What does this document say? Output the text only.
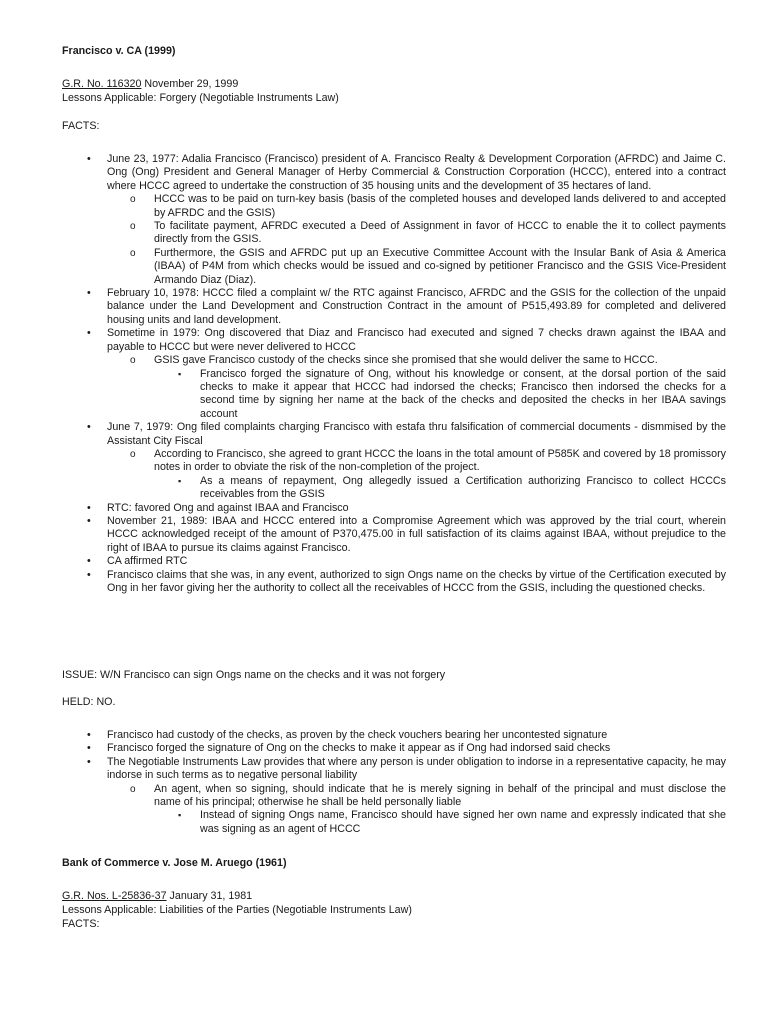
Francisco v. CA (1999)

G.R. No. 116320 November 29, 1999

Lessons Applicable: Forgery (Negotiable Instruments Law)

FACTS:

• June 23, 1977: Adalia Francisco (Francisco) president of A. Francisco Realty & Development Corporation (AFRDC) and Jaime C. Ong (Ong) President and General Manager of Herby Commercial & Construction Corporation (HCCC), entered into a contract where HCCC agreed to undertake the construction of 35 housing units and the development of 35 hectares of land.
o HCCC was to be paid on turn-key basis (basis of the completed houses and developed lands delivered to and accepted by AFRDC and the GSIS)
o To facilitate payment, AFRDC executed a Deed of Assignment in favor of HCCC to enable the it to collect payments directly from the GSIS.
o Furthermore, the GSIS and AFRDC put up an Executive Committee Account with the Insular Bank of Asia & America (IBAA) of P4M from which checks would be issued and co-signed by petitioner Francisco and the GSIS Vice-President Armando Diaz (Diaz).
• February 10, 1978: HCCC filed a complaint w/ the RTC against Francisco, AFRDC and the GSIS for the collection of the unpaid balance under the Land Development and Construction Contract in the amount of P515,493.89 for completed and delivered housing units and land development.
• Sometime in 1979: Ong discovered that Diaz and Francisco had executed and signed 7 checks drawn against the IBAA and payable to HCCC but were never delivered to HCCC
o GSIS gave Francisco custody of the checks since she promised that she would deliver the same to HCCC.
▪ Francisco forged the signature of Ong, without his knowledge or consent, at the dorsal portion of the said checks to make it appear that HCCC had indorsed the checks; Francisco then indorsed the checks for a second time by signing her name at the back of the checks and deposited the checks in her IBAA savings account
• June 7, 1979: Ong filed complaints charging Francisco with estafa thru falsification of commercial documents - dismmised by the Assistant City Fiscal
o According to Francisco, she agreed to grant HCCC the loans in the total amount of P585K and covered by 18 promissory notes in order to obviate the risk of the non-completion of the project.
▪ As a means of repayment, Ong allegedly issued a Certification authorizing Francisco to collect HCCCs receivables from the GSIS
• RTC: favored Ong and against IBAA and Francisco
• November 21, 1989: IBAA and HCCC entered into a Compromise Agreement which was approved by the trial court, wherein HCCC acknowledged receipt of the amount of P370,475.00 in full satisfaction of its claims against IBAA, without prejudice to the right of IBAA to pursue its claims against Francisco.
• CA affirmed RTC
• Francisco claims that she was, in any event, authorized to sign Ongs name on the checks by virtue of the Certification executed by Ong in her favor giving her the authority to collect all the receivables of HCCC from the GSIS, including the questioned checks.

ISSUE: W/N Francisco can sign Ongs name on the checks and it was not forgery

HELD: NO.

• Francisco had custody of the checks, as proven by the check vouchers bearing her uncontested signature
• Francisco forged the signature of Ong on the checks to make it appear as if Ong had indorsed said checks
• The Negotiable Instruments Law provides that where any person is under obligation to indorse in a representative capacity, he may indorse in such terms as to negative personal liability
o An agent, when so signing, should indicate that he is merely signing in behalf of the principal and must disclose the name of his principal; otherwise he shall be held personally liable
▪ Instead of signing Ongs name, Francisco should have signed her own name and expressly indicated that she was signing as an agent of HCCC

Bank of Commerce v. Jose M. Aruego (1961)

G.R. Nos. L-25836-37 January 31, 1981

Lessons Applicable: Liabilities of the Parties (Negotiable Instruments Law)

FACTS:
